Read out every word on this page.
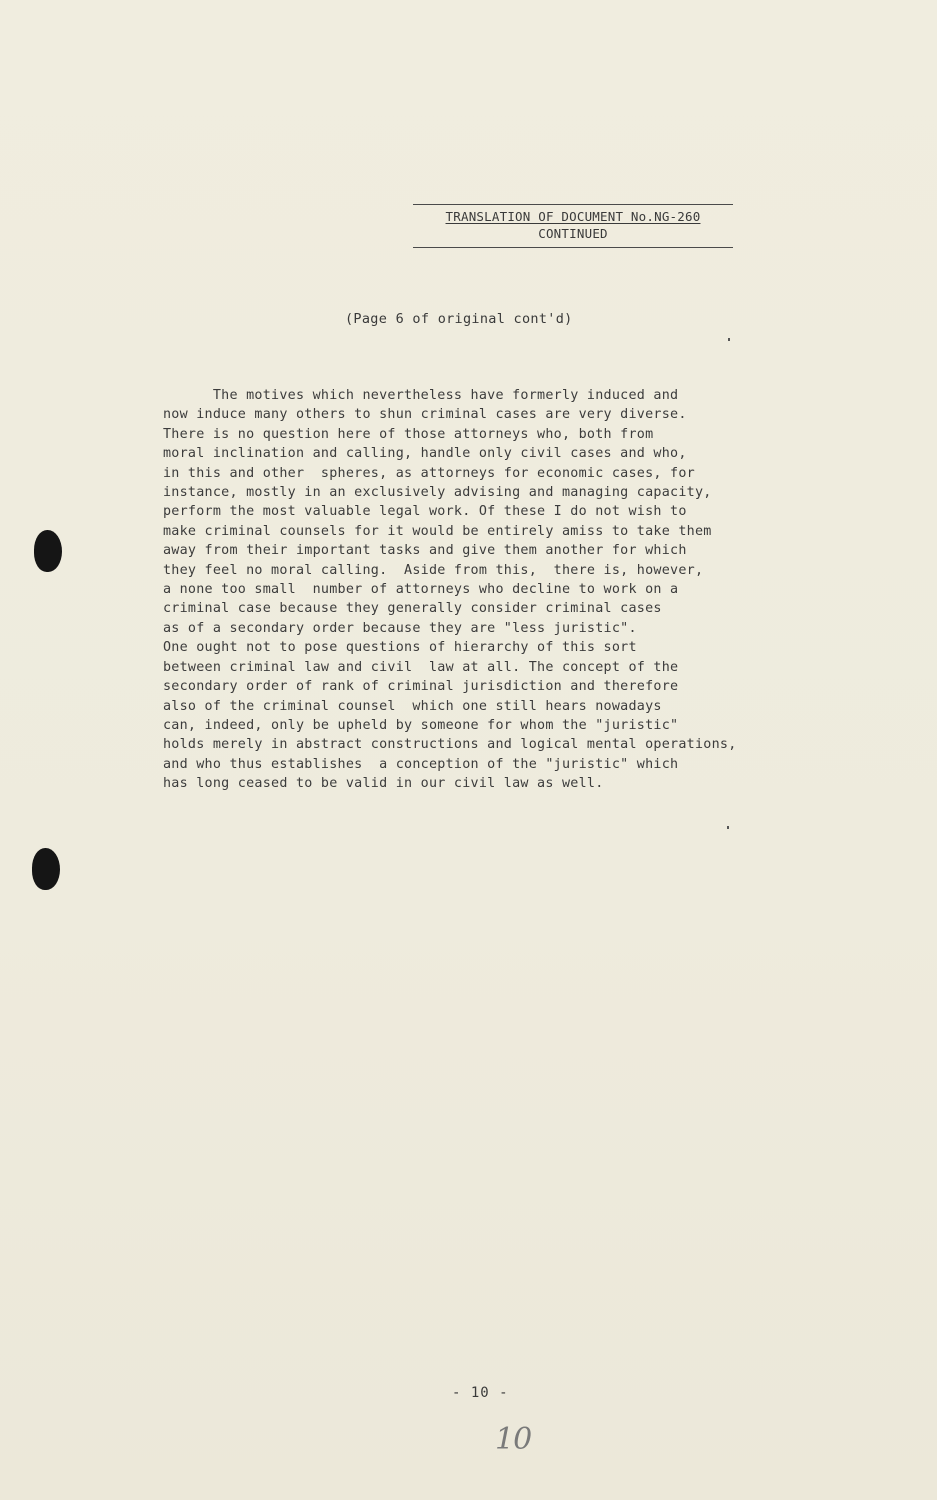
TRANSLATION OF DOCUMENT No.NG-260
CONTINUED
(Page 6 of original cont'd)
The motives which nevertheless have formerly induced and
now induce many others to shun criminal cases are very diverse.
There is no question here of those attorneys who, both from
moral inclination and calling, handle only civil cases and who,
in this and other  spheres, as attorneys for economic cases, for
instance, mostly in an exclusively advising and managing capacity,
perform the most valuable legal work. Of these I do not wish to
make criminal counsels for it would be entirely amiss to take them
away from their important tasks and give them another for which
they feel no moral calling.  Aside from this,  there is, however,
a none too small  number of attorneys who decline to work on a
criminal case because they generally consider criminal cases
as of a secondary order because they are "less juristic".
One ought not to pose questions of hierarchy of this sort
between criminal law and civil  law at all. The concept of the
secondary order of rank of criminal jurisdiction and therefore
also of the criminal counsel  which one still hears nowadays
can, indeed, only be upheld by someone for whom the "juristic"
holds merely in abstract constructions and logical mental operations,
and who thus establishes  a conception of the "juristic" which
has long ceased to be valid in our civil law as well.
- 10 -
10
